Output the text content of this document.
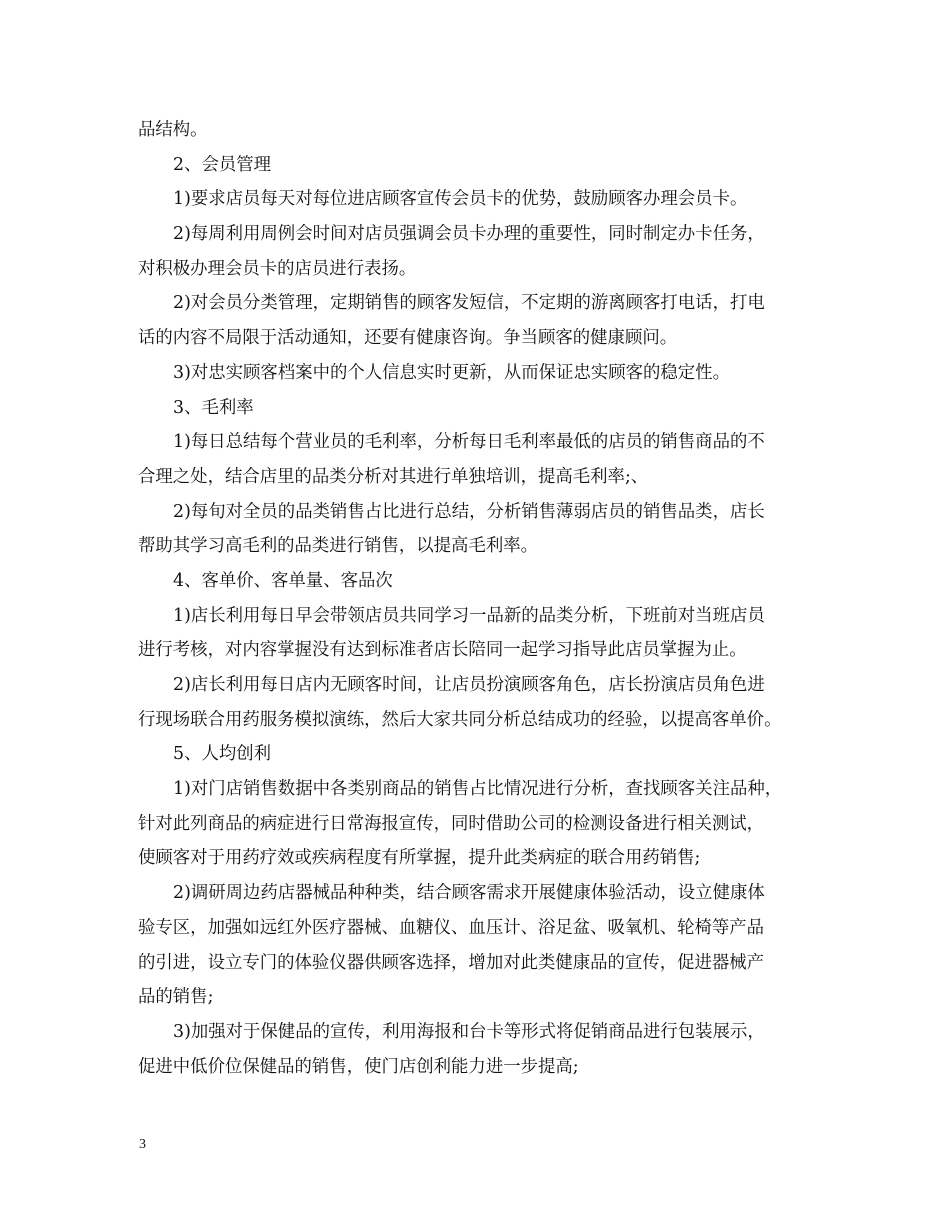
品结构。
2、会员管理
1)要求店员每天对每位进店顾客宣传会员卡的优势，鼓励顾客办理会员卡。
2)每周利用周例会时间对店员强调会员卡办理的重要性，同时制定办卡任务，
对积极办理会员卡的店员进行表扬。
2)对会员分类管理，定期销售的顾客发短信，不定期的游离顾客打电话，打电
话的内容不局限于活动通知，还要有健康咨询。争当顾客的健康顾问。
3)对忠实顾客档案中的个人信息实时更新，从而保证忠实顾客的稳定性。
3、毛利率
1)每日总结每个营业员的毛利率，分析每日毛利率最低的店员的销售商品的不
合理之处，结合店里的品类分析对其进行单独培训，提高毛利率;、
2)每旬对全员的品类销售占比进行总结，分析销售薄弱店员的销售品类，店长
帮助其学习高毛利的品类进行销售，以提高毛利率。
4、客单价、客单量、客品次
1)店长利用每日早会带领店员共同学习一品新的品类分析，下班前对当班店员
进行考核，对内容掌握没有达到标准者店长陪同一起学习指导此店员掌握为止。
2)店长利用每日店内无顾客时间，让店员扮演顾客角色，店长扮演店员角色进
行现场联合用药服务模拟演练，然后大家共同分析总结成功的经验，以提高客单价。
5、人均创利
1)对门店销售数据中各类别商品的销售占比情况进行分析，查找顾客关注品种，
针对此列商品的病症进行日常海报宣传，同时借助公司的检测设备进行相关测试，
使顾客对于用药疗效或疾病程度有所掌握，提升此类病症的联合用药销售;
2)调研周边药店器械品种种类，结合顾客需求开展健康体验活动，设立健康体
验专区，加强如远红外医疗器械、血糖仪、血压计、浴足盆、吸氧机、轮椅等产品
的引进，设立专门的体验仪器供顾客选择，增加对此类健康品的宣传，促进器械产
品的销售;
3)加强对于保健品的宣传，利用海报和台卡等形式将促销商品进行包装展示，
促进中低价位保健品的销售，使门店创利能力进一步提高;
3
